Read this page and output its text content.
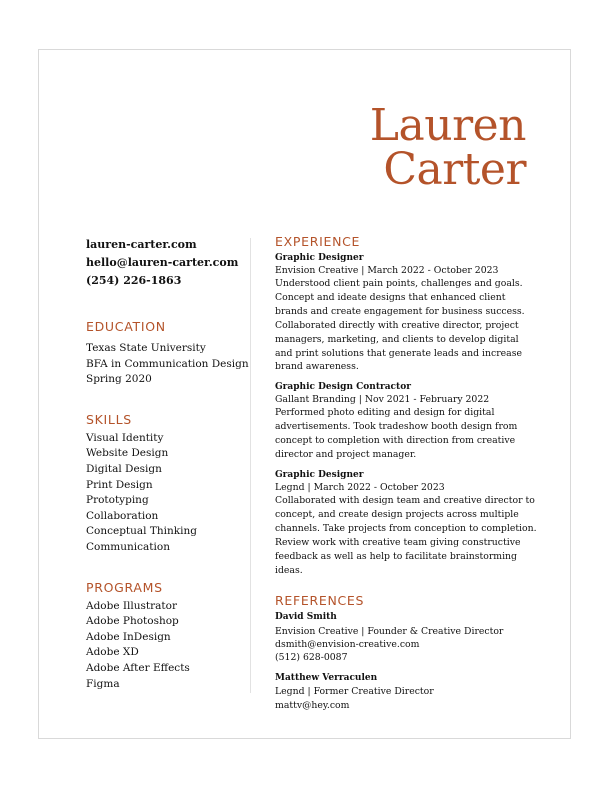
Lauren
Carter
lauren-carter.com
hello@lauren-carter.com
(254) 226-1863
EDUCATION
Texas State University
BFA in Communication Design
Spring 2020
SKILLS
Visual Identity
Website Design
Digital Design
Print Design
Prototyping
Collaboration
Conceptual Thinking
Communication
PROGRAMS
Adobe Illustrator
Adobe Photoshop
Adobe InDesign
Adobe XD
Adobe After Effects
Figma
EXPERIENCE
Graphic Designer
Envision Creative | March 2022 - October 2023
Understood client pain points, challenges and goals. Concept and ideate designs that enhanced client brands and create engagement for business success. Collaborated directly with creative director, project managers, marketing, and clients to develop digital and print solutions that generate leads and increase brand awareness.
Graphic Design Contractor
Gallant Branding | Nov 2021 - February 2022
Performed photo editing and design for digital advertisements. Took tradeshow booth design from concept to completion with direction from creative director and project manager.
Graphic Designer
Legnd | March 2022 - October 2023
Collaborated with design team and creative director to concept, and create design projects across multiple channels. Take projects from conception to completion. Review work with creative team giving constructive feedback as well as help to facilitate brainstorming ideas.
REFERENCES
David Smith
Envision Creative | Founder & Creative Director
dsmith@envision-creative.com
(512) 628-0087
Matthew Verraculen
Legnd | Former Creative Director
mattv@hey.com
